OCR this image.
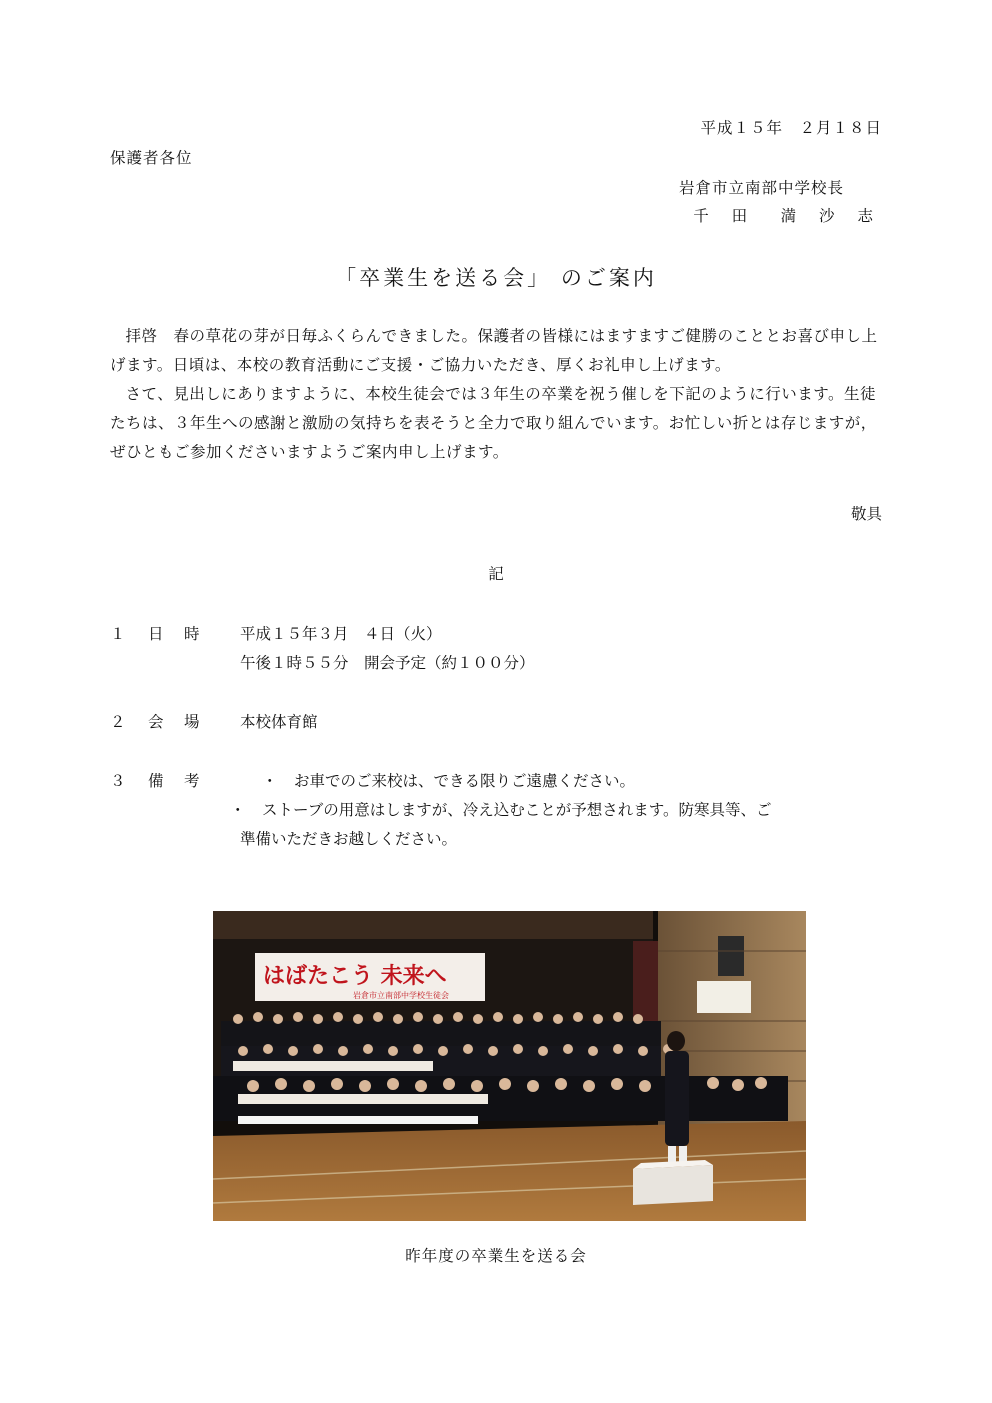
平成１５年　２月１８日
保護者各位
岩倉市立南部中学校長
千 田　満 沙 志
「卒業生を送る会」 のご案内

拝啓　春の草花の芽が日毎ふくらんできました。保護者の皆様にはますますご健勝のこととお喜び申し上げます。日頃は、本校の教育活動にご支援・ご協力いただき、厚くお礼申し上げます。

さて、見出しにありますように、本校生徒会では３年生の卒業を祝う催しを下記のように行います。生徒たちは、３年生への感謝と激励の気持ちを表そうと全力で取り組んでいます。お忙しい折とは存じますが，ぜひともご参加くださいますようご案内申し上げます。

敬具
記
１ 日 時	平成１５年３月　４日（火）
午後１時５５分　開会予定（約１００分）
２ 会 場	本校体育館
３ 備 考	・ お車でのご来校は、できる限りご遠慮ください。
・ ストーブの用意はしますが、冷え込むことが予想されます。防寒具等、ご
準備いただきお越しください。
はばたこう 未来へ
岩倉市立南部中学校生徒会
昨年度の卒業生を送る会
